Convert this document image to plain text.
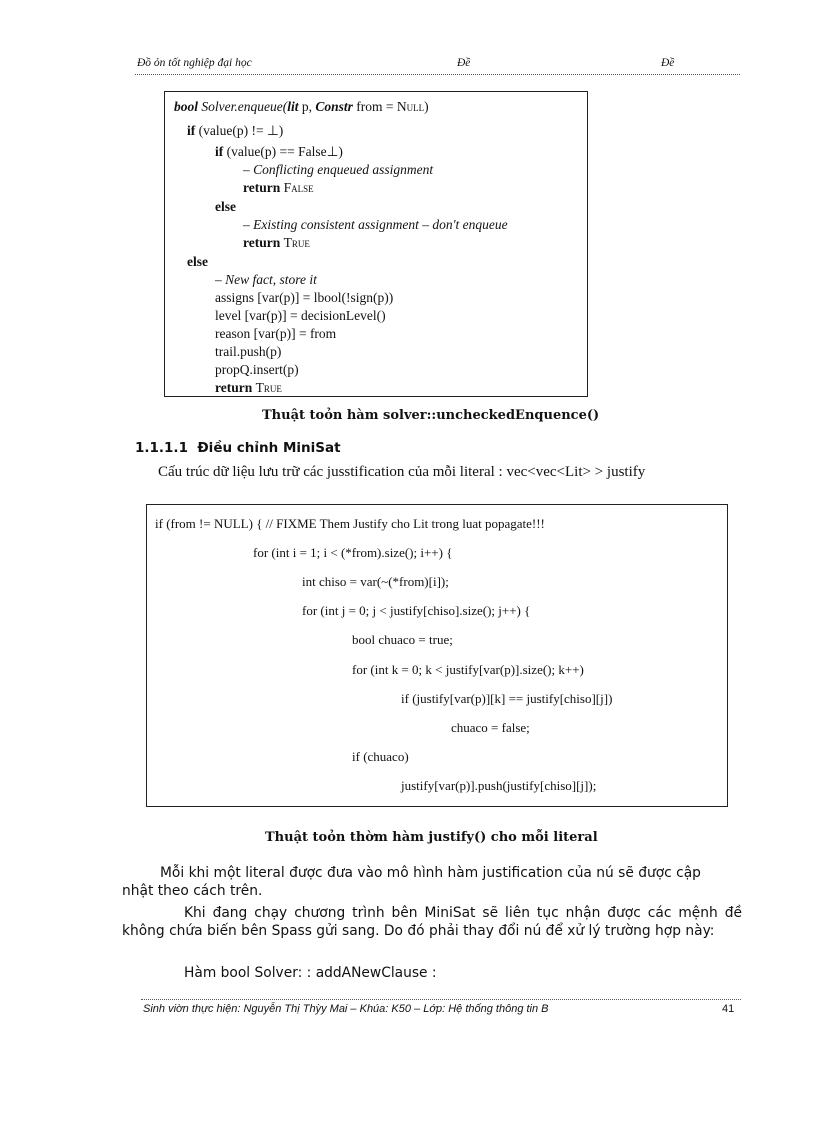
Đồ ỏn tốt nghiệp đại học	Đề	Đề
bool Solver.enqueue(lit p, Constr from = Null)
if (value(p) != ⊥)
if (value(p) == False⊥)
– Conflicting enqueued assignment
return False
else
– Existing consistent assignment – don't enqueue
return True
else
– New fact, store it
assigns [var(p)] = lbool(!sign(p))
level [var(p)] = decisionLevel()
reason [var(p)] = from
trail.push(p)
propQ.insert(p)
return True
Thuật toỏn hàm solver::uncheckedEnquence()
1.1.1.1 Điều chỉnh MiniSat
Cấu trúc dữ liệu lưu trữ các jusstification của mỗi literal : vec<vec<Lit> > justify
if (from != NULL) { // FIXME Them Justify cho Lit trong luat popagate!!!
for (int i = 1; i < (*from).size(); i++) {
int chiso = var(~(*from)[i]);
for (int j = 0; j < justify[chiso].size(); j++) {
bool chuaco = true;
for (int k = 0; k < justify[var(p)].size(); k++)
if (justify[var(p)][k] == justify[chiso][j])
chuaco = false;
if (chuaco)
justify[var(p)].push(justify[chiso][j]);
Thuật toỏn thờm hàm justify() cho mỗi literal
Mỗi khi một literal được đưa vào mô hình hàm justification của nú sẽ được cập
nhật theo cách trên.
Khi đang chạy chương trình bên MiniSat sẽ liên tục nhận được các mệnh đề không chứa biến bên Spass gửi sang. Do đó phải thay đổi nú để xử lý trường hợp này:
Hàm bool Solver: : addANewClause :
Sinh viờn thực hiện: Nguyễn Thị Thỳy Mai – Khúa: K50 – Lớp: Hệ thống thông tin B	41
